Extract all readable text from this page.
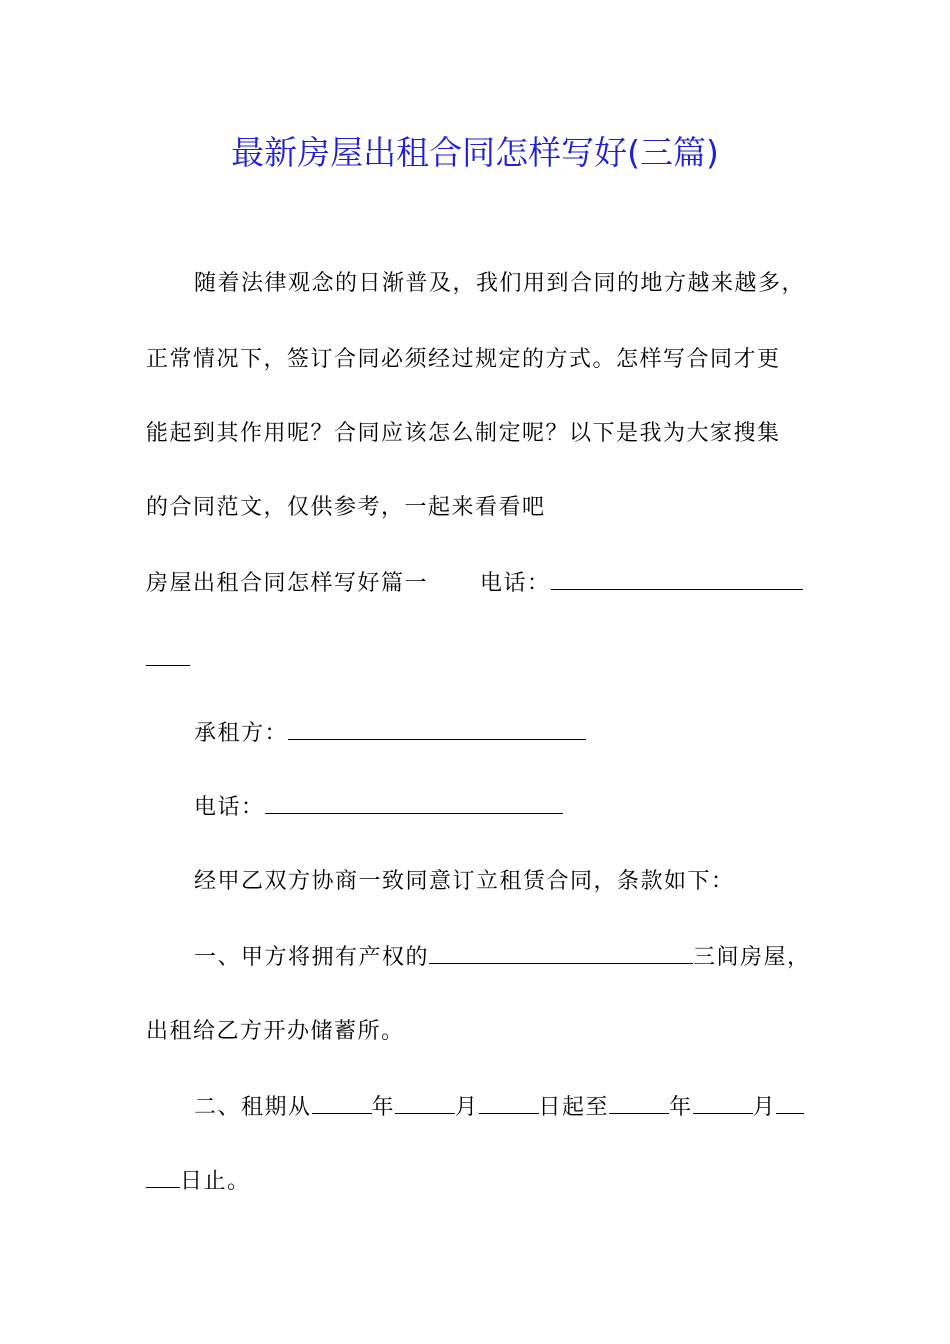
最新房屋出租合同怎样写好(三篇)
随着法律观念的日渐普及，我们用到合同的地方越来越多，
正常情况下，签订合同必须经过规定的方式。怎样写合同才更
能起到其作用呢？合同应该怎么制定呢？以下是我为大家搜集
的合同范文，仅供参考，一起来看看吧
房屋出租合同怎样写好篇一 电话：
承租方：
电话：
经甲乙双方协商一致同意订立租赁合同，条款如下：
一、甲方将拥有产权的	三间房屋，
出租给乙方开办储蓄所。
二、租期从	年	月	日起至	年	月
日止。
